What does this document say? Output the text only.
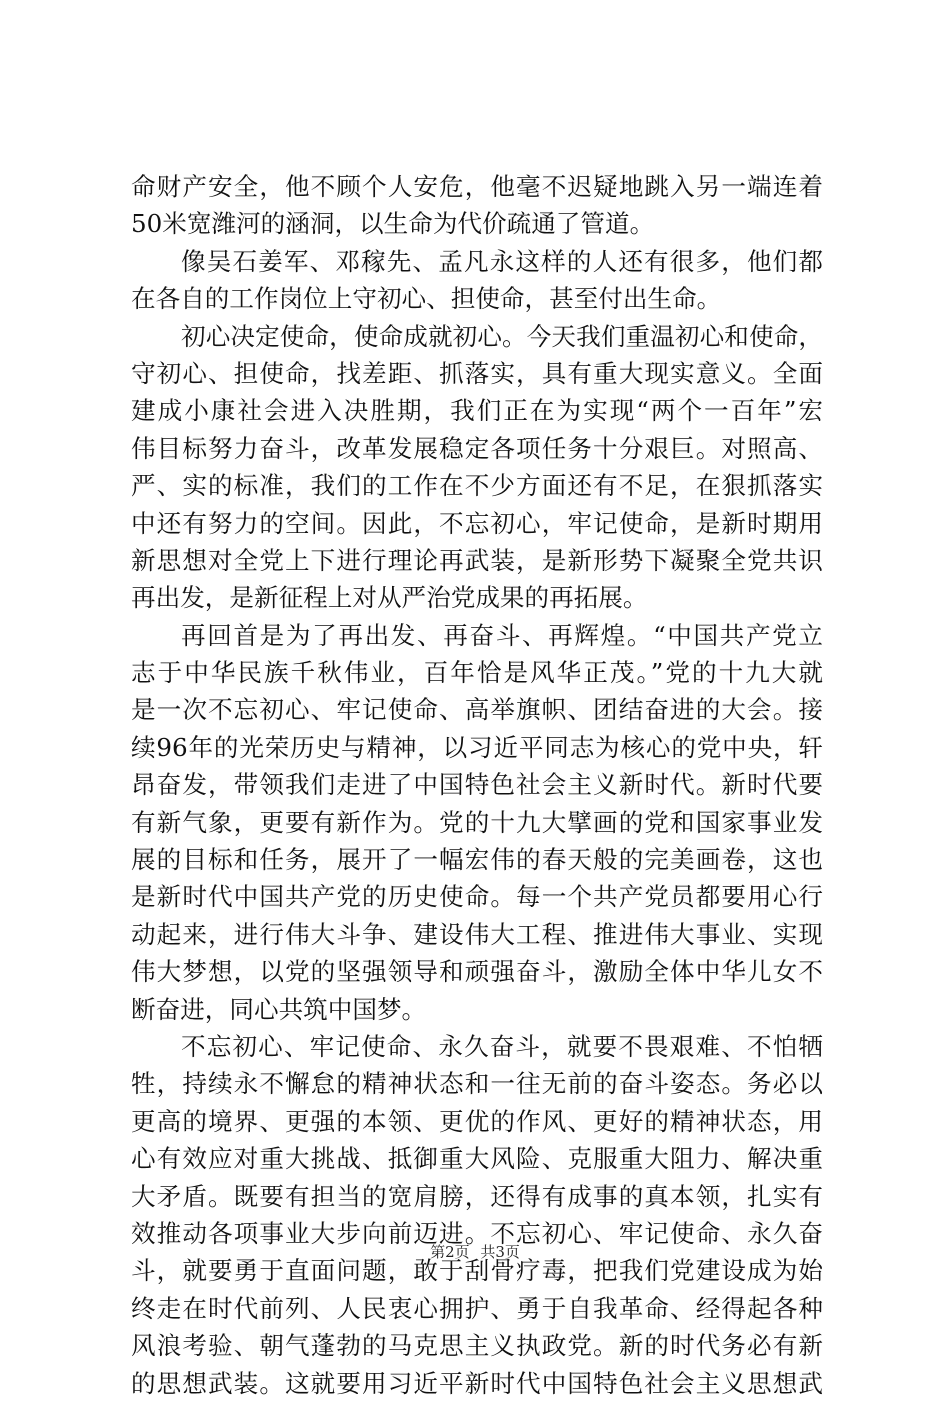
命财产安全，他不顾个人安危，他毫不迟疑地跳入另一端连着
50米宽潍河的涵洞，以生命为代价疏通了管道。
像吴石姜军、邓稼先、孟凡永这样的人还有很多，他们都
在各自的工作岗位上守初心、担使命，甚至付出生命。
初心决定使命，使命成就初心。今天我们重温初心和使命，
守初心、担使命，找差距、抓落实，具有重大现实意义。全面
建成小康社会进入决胜期，我们正在为实现“两个一百年”宏
伟目标努力奋斗，改革发展稳定各项任务十分艰巨。对照高、
严、实的标准，我们的工作在不少方面还有不足，在狠抓落实
中还有努力的空间。因此，不忘初心，牢记使命，是新时期用
新思想对全党上下进行理论再武装，是新形势下凝聚全党共识
再出发，是新征程上对从严治党成果的再拓展。
再回首是为了再出发、再奋斗、再辉煌。“中国共产党立
志于中华民族千秋伟业，百年恰是风华正茂。”党的十九大就
是一次不忘初心、牢记使命、高举旗帜、团结奋进的大会。接
续96年的光荣历史与精神，以习近平同志为核心的党中央，轩
昂奋发，带领我们走进了中国特色社会主义新时代。新时代要
有新气象，更要有新作为。党的十九大擘画的党和国家事业发
展的目标和任务，展开了一幅宏伟的春天般的完美画卷，这也
是新时代中国共产党的历史使命。每一个共产党员都要用心行
动起来，进行伟大斗争、建设伟大工程、推进伟大事业、实现
伟大梦想，以党的坚强领导和顽强奋斗，激励全体中华儿女不
断奋进，同心共筑中国梦。
不忘初心、牢记使命、永久奋斗，就要不畏艰难、不怕牺
牲，持续永不懈怠的精神状态和一往无前的奋斗姿态。务必以
更高的境界、更强的本领、更优的作风、更好的精神状态，用
心有效应对重大挑战、抵御重大风险、克服重大阻力、解决重
大矛盾。既要有担当的宽肩膀，还得有成事的真本领，扎实有
效推动各项事业大步向前迈进。不忘初心、牢记使命、永久奋
斗，就要勇于直面问题，敢于刮骨疗毒，把我们党建设成为始
终走在时代前列、人民衷心拥护、勇于自我革命、经得起各种
风浪考验、朝气蓬勃的马克思主义执政党。新的时代务必有新
的思想武装。这就要用习近平新时代中国特色社会主义思想武
第2页 共3页
